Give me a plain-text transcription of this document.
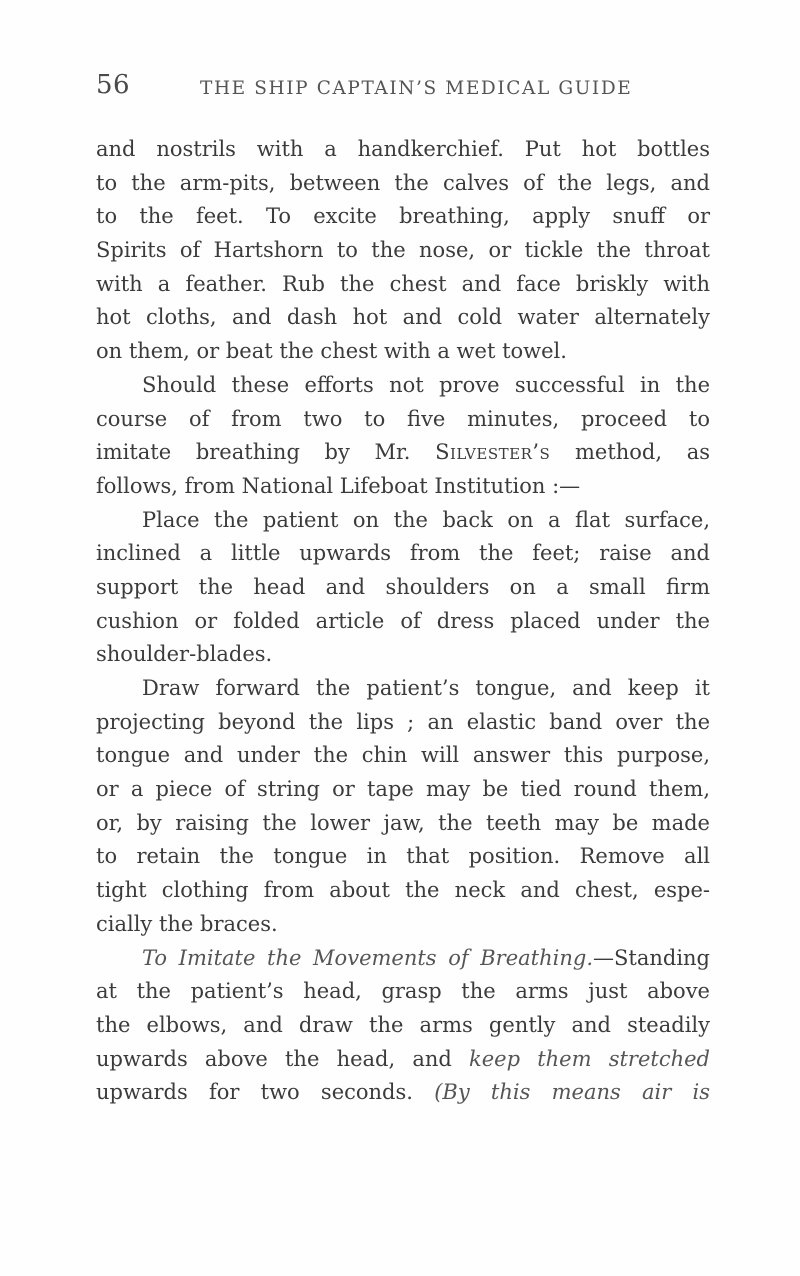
56	THE SHIP CAPTAIN’S MEDICAL GUIDE
and nostrils with a handkerchief. Put hot bottles
to the arm-pits, between the calves of the legs, and
to the feet. To excite breathing, apply snuff or
Spirits of Hartshorn to the nose, or tickle the throat
with a feather. Rub the chest and face briskly with
hot cloths, and dash hot and cold water alternately
on them, or beat the chest with a wet towel.
Should these efforts not prove successful in the
course of from two to five minutes, proceed to
imitate breathing by Mr. Silvester’s method, as
follows, from National Lifeboat Institution :—
Place the patient on the back on a flat surface,
inclined a little upwards from the feet; raise and
support the head and shoulders on a small firm
cushion or folded article of dress placed under the
shoulder-blades.
Draw forward the patient’s tongue, and keep it
projecting beyond the lips ; an elastic band over the
tongue and under the chin will answer this purpose,
or a piece of string or tape may be tied round them,
or, by raising the lower jaw, the teeth may be made
to retain the tongue in that position. Remove all
tight clothing from about the neck and chest, espe-
cially the braces.
To Imitate the Movements of Breathing.—Standing
at the patient’s head, grasp the arms just above
the elbows, and draw the arms gently and steadily
upwards above the head, and keep them stretched
upwards for two seconds. (By this means air is
